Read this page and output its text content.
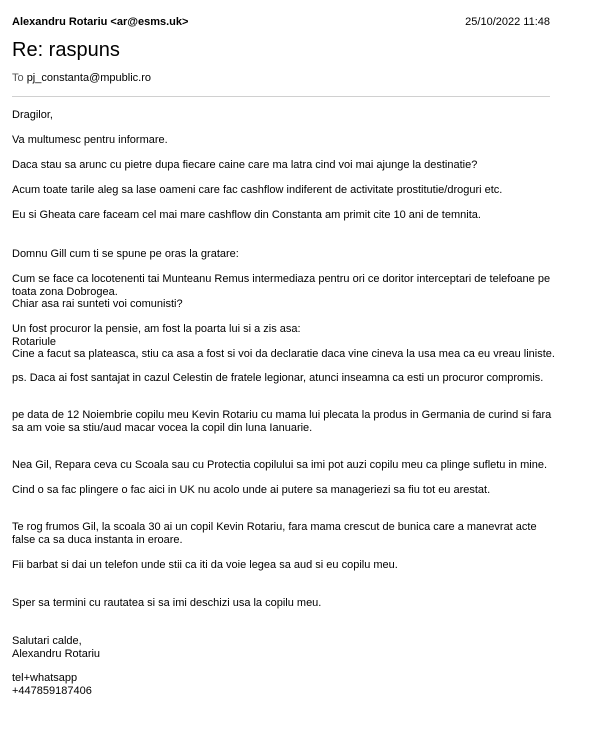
Alexandru Rotariu <ar@esms.uk>	25/10/2022 11:48
Re: raspuns
To pj_constanta@mpublic.ro
Dragilor,
Va multumesc pentru informare.
Daca stau sa arunc cu pietre dupa fiecare caine care ma latra cind voi mai ajunge la destinatie?
Acum toate tarile aleg sa lase oameni care fac cashflow indiferent de activitate prostitutie/droguri etc.
Eu si Gheata care faceam cel mai mare cashflow din Constanta am primit cite 10 ani de temnita.
Domnu Gill cum ti se spune pe oras la gratare:
Cum se face ca locotenenti tai Munteanu Remus intermediaza pentru ori ce doritor interceptari de telefoane pe
toata zona Dobrogea.
Chiar asa rai sunteti voi comunisti?
Un fost procuror la pensie, am fost la poarta lui si a zis asa:
Rotariule
Cine a facut sa plateasca, stiu ca asa a fost si voi da declaratie daca vine cineva la usa mea ca eu vreau liniste.
ps. Daca ai fost santajat in cazul Celestin de fratele legionar, atunci inseamna ca esti un procuror compromis.
pe data de 12 Noiembrie copilu meu Kevin Rotariu cu mama lui plecata la produs in Germania de curind si fara
sa am voie sa stiu/aud macar vocea la copil din luna Ianuarie.
Nea Gil, Repara ceva cu Scoala sau cu Protectia copilului sa imi pot auzi copilu meu ca plinge sufletu in mine.
Cind o sa fac plingere o fac aici in UK nu acolo unde ai putere sa manageriezi sa fiu tot eu arestat.
Te rog frumos Gil, la scoala 30 ai un copil Kevin Rotariu, fara mama crescut de bunica care a manevrat acte
false ca sa duca instanta in eroare.
Fii barbat si dai un telefon unde stii ca iti da voie legea sa aud si eu copilu meu.
Sper sa termini cu rautatea si sa imi deschizi usa la copilu meu.
Salutari calde,
Alexandru Rotariu
tel+whatsapp
+447859187406
